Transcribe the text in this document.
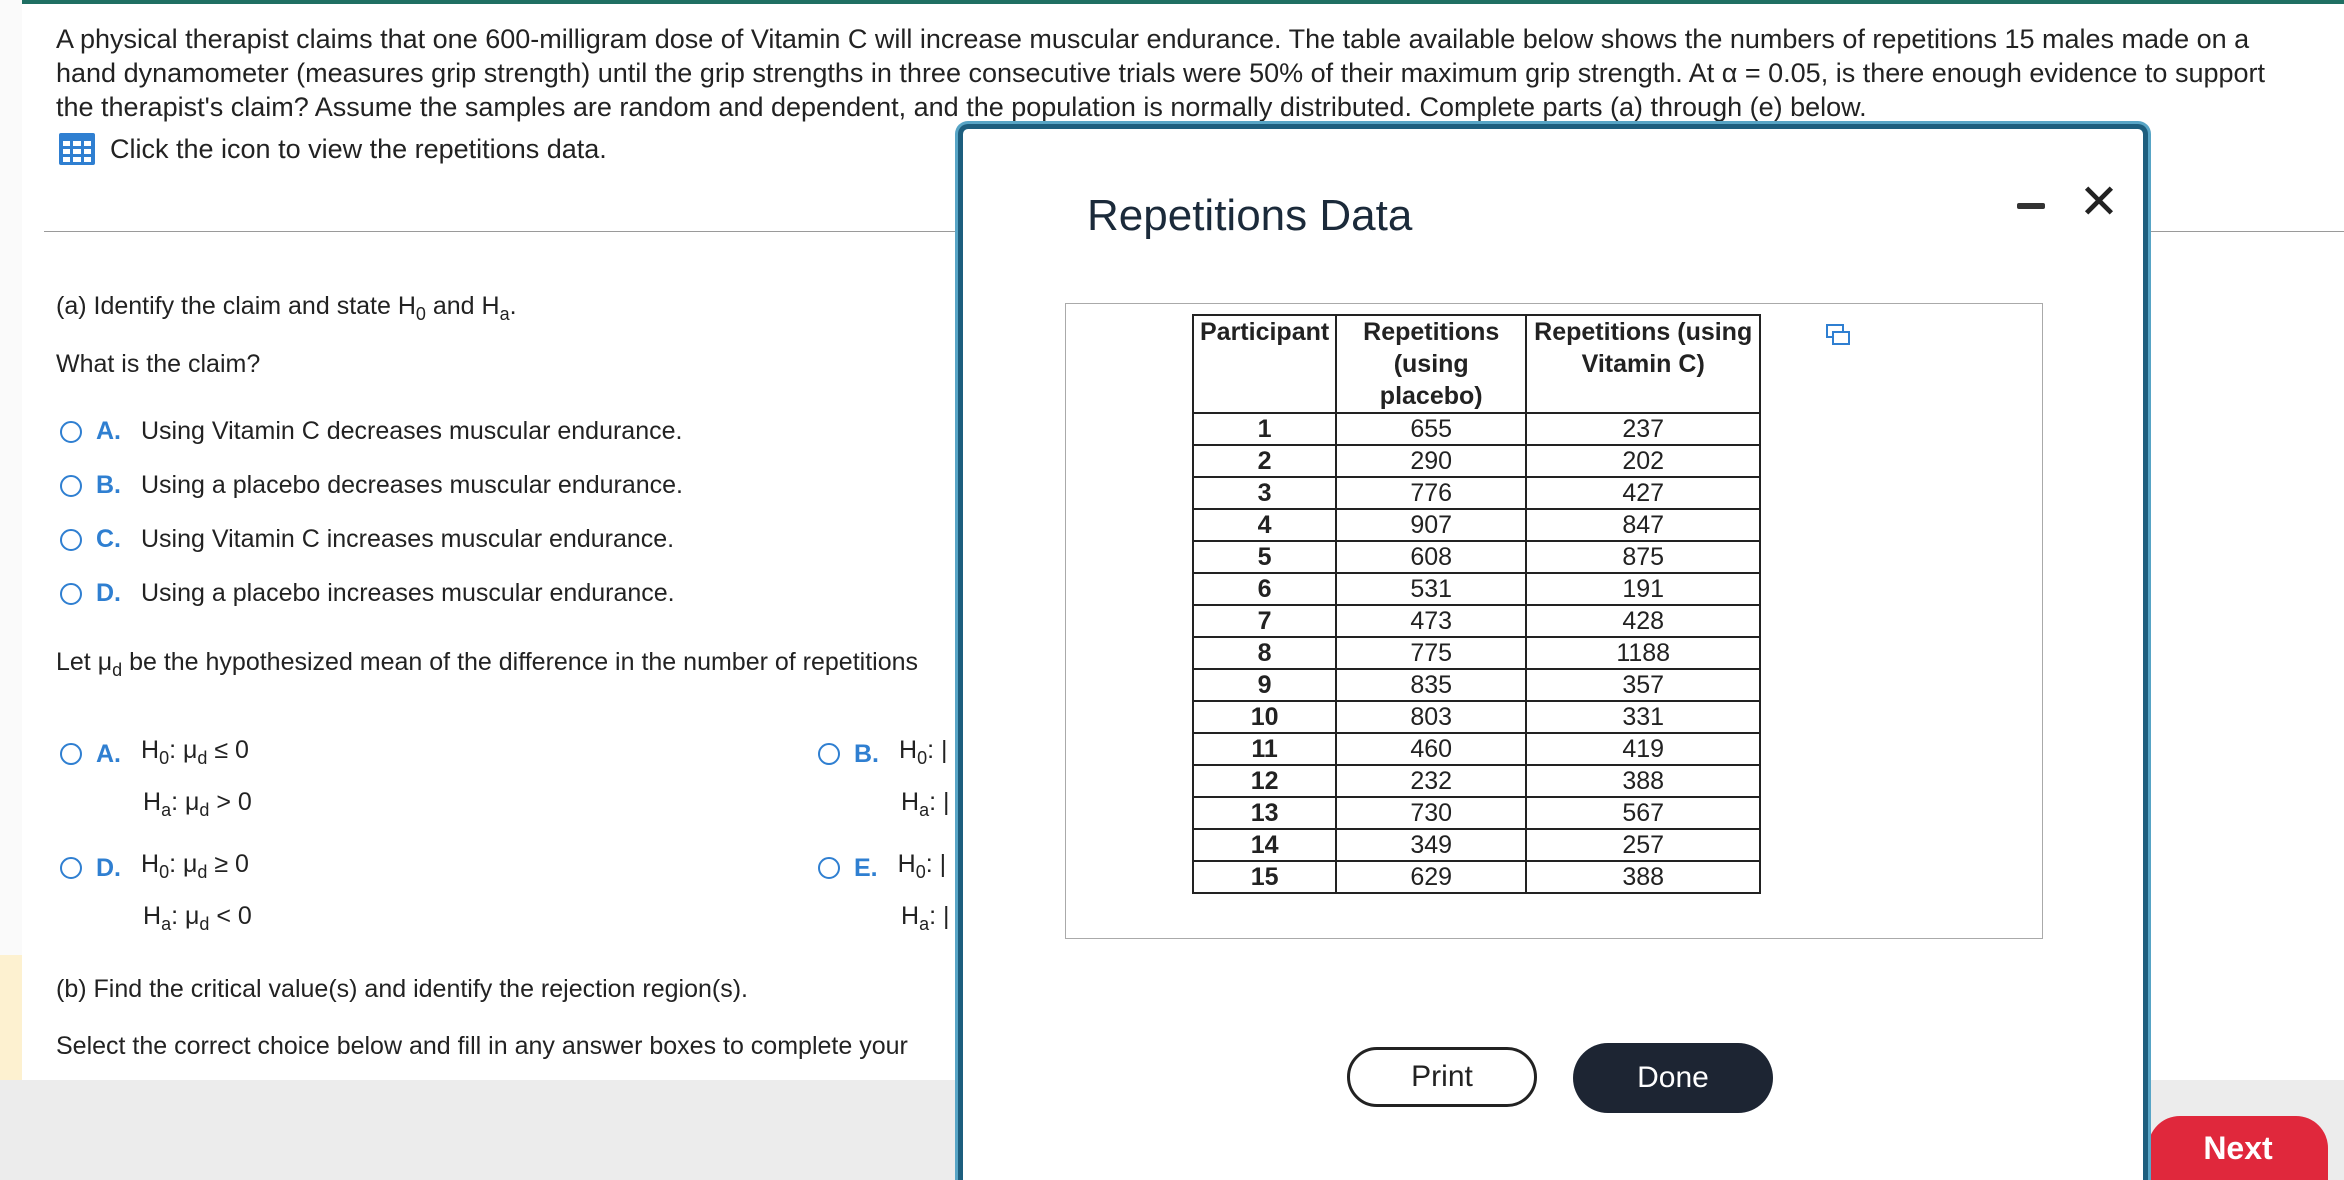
A physical therapist claims that one 600-milligram dose of Vitamin C will increase muscular endurance. The table available below shows the numbers of repetitions 15 males made on a hand dynamometer (measures grip strength) until the grip strengths in three consecutive trials were 50% of their maximum grip strength. At α = 0.05, is there enough evidence to support the therapist's claim? Assume the samples are random and dependent, and the population is normally distributed. Complete parts (a) through (e) below.
Click the icon to view the repetitions data.
(a) Identify the claim and state $H_0$ and $H_a$.
What is the claim?
A. Using Vitamin C decreases muscular endurance.
B. Using a placebo decreases muscular endurance.
C. Using Vitamin C increases muscular endurance.
D. Using a placebo increases muscular endurance.
Let $\mu_d$ be the hypothesized mean of the difference in the number of repetitions
A. $H_0$: $\mu_d \le 0$
$H_a$: $\mu_d > 0$
B. $H_0$: |
$H_a$: |
D. $H_0$: $\mu_d \ge 0$
$H_a$: $\mu_d < 0$
E. $H_0$: |
$H_a$: |
(b) Find the critical value(s) and identify the rejection region(s).
Select the correct choice below and fill in any answer boxes to complete your
Next
Repetitions Data	✕
Participant	Repetitions (using placebo)	Repetitions (using Vitamin C)
1	655	237
2	290	202
3	776	427
4	907	847
5	608	875
6	531	191
7	473	428
8	775	1188
9	835	357
10	803	331
11	460	419
12	232	388
13	730	567
14	349	257
15	629	388
Print	Done
